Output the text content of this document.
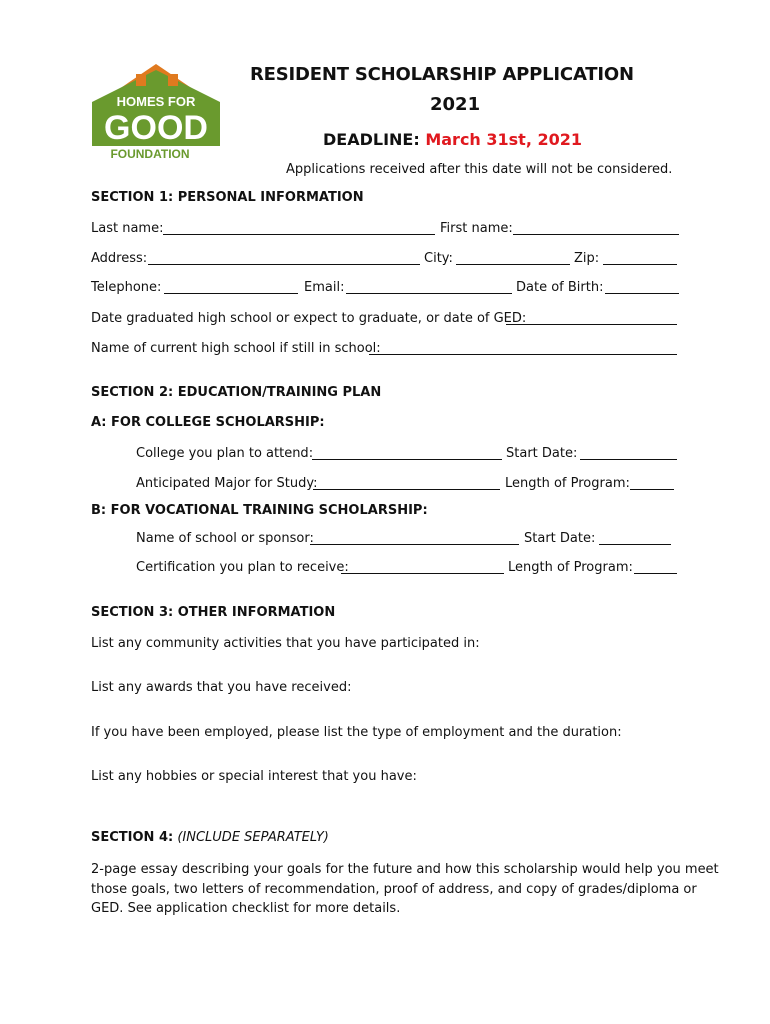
HOMES FOR
GOOD
FOUNDATION
RESIDENT SCHOLARSHIP APPLICATION
2021
DEADLINE: March 31st, 2021
Applications received after this date will not be considered.
SECTION 1: PERSONAL INFORMATION
Last name:	First name:
Address:	City:	Zip:
Telephone:	Email:	Date of Birth:
Date graduated high school or expect to graduate, or date of GED:
Name of current high school if still in school:
SECTION 2: EDUCATION/TRAINING PLAN
A: FOR COLLEGE SCHOLARSHIP:
College you plan to attend:	Start Date:
Anticipated Major for Study:	Length of Program:
B: FOR VOCATIONAL TRAINING SCHOLARSHIP:
Name of school or sponsor:	Start Date:
Certification you plan to receive:	Length of Program:
SECTION 3: OTHER INFORMATION
List any community activities that you have participated in:
List any awards that you have received:
If you have been employed, please list the type of employment and the duration:
List any hobbies or special interest that you have:
SECTION 4: (INCLUDE SEPARATELY)
2-page essay describing your goals for the future and how this scholarship would help you meet
those goals, two letters of recommendation, proof of address, and copy of grades/diploma or
GED. See application checklist for more details.
